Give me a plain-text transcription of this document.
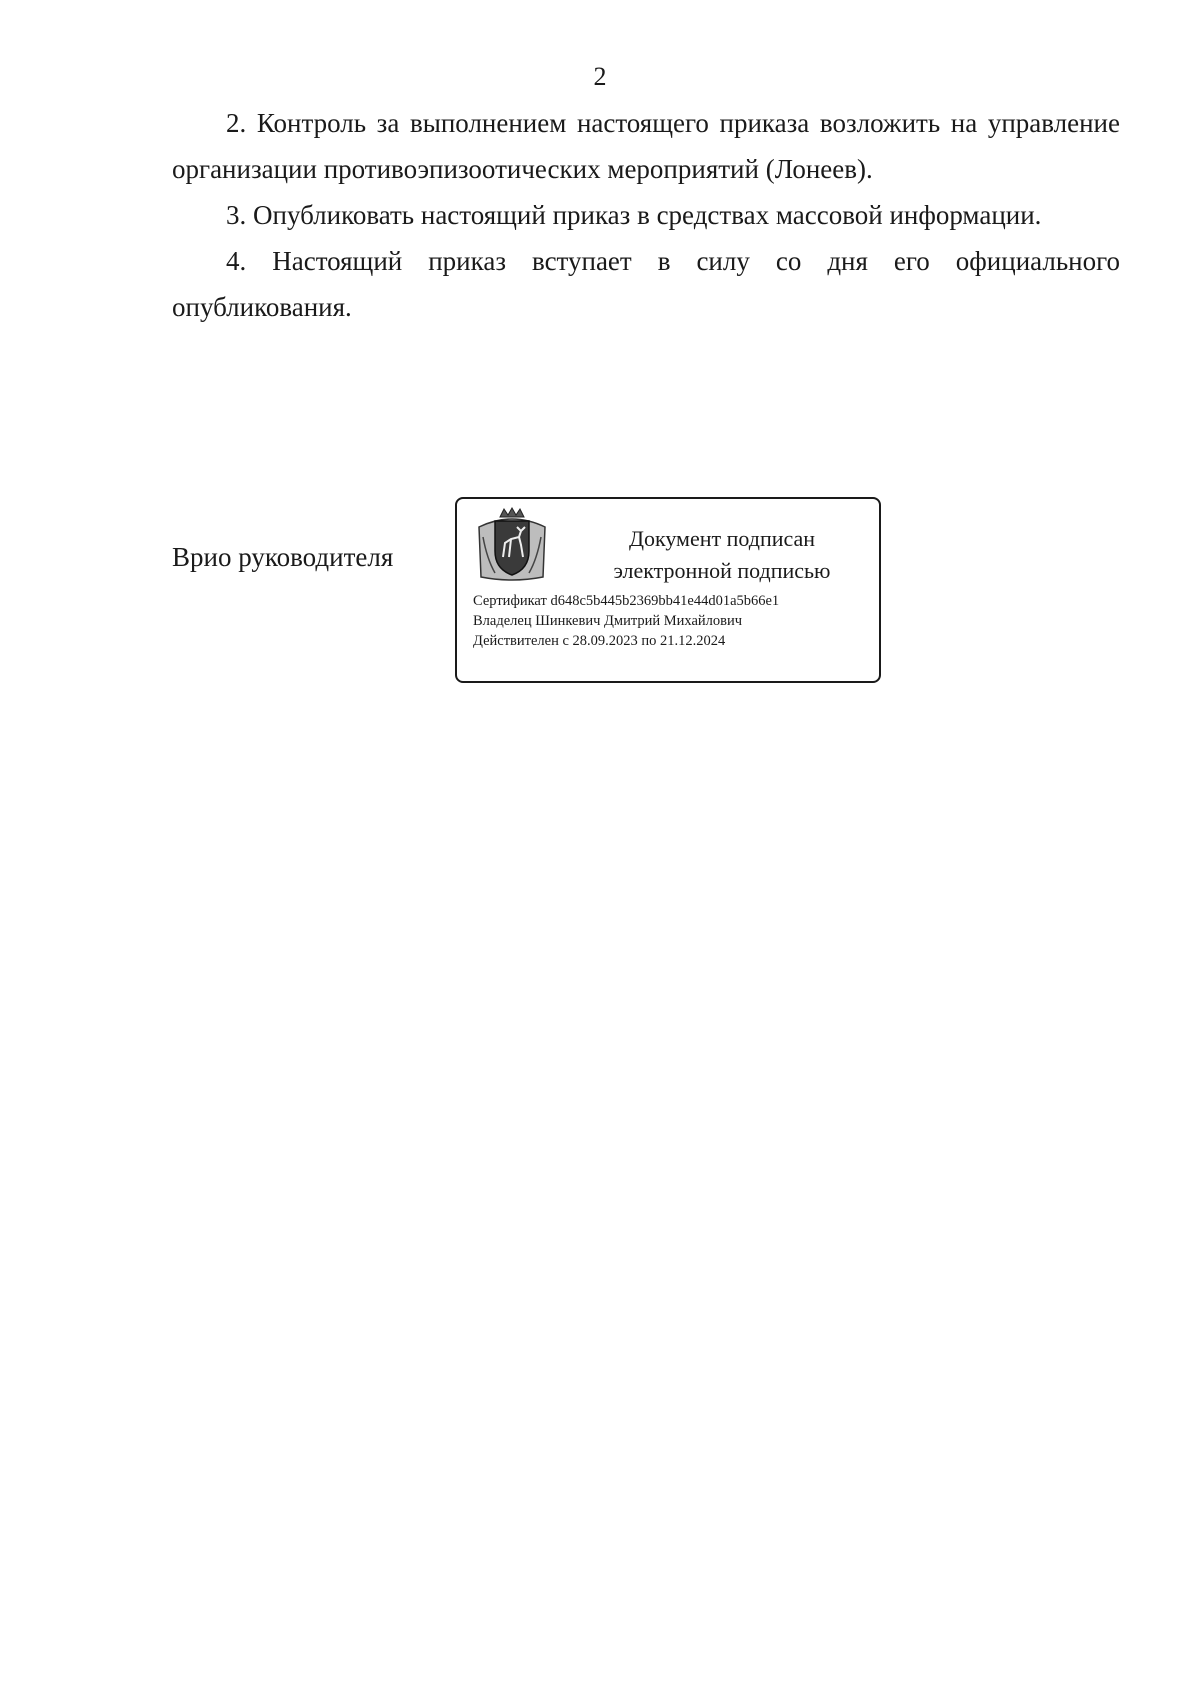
2

2. Контроль за выполнением настоящего приказа возложить на управление организации противоэпизоотических мероприятий (Лонеев).

3. Опубликовать настоящий приказ в средствах массовой информации.

4. Настоящий приказ вступает в силу со дня его официального опубликования.

Врио руководителя
Документ подписан
электронной подписью
Сертификат d648c5b445b2369bb41e44d01a5b66e1
Владелец Шинкевич Дмитрий Михайлович
Действителен с 28.09.2023 по 21.12.2024
